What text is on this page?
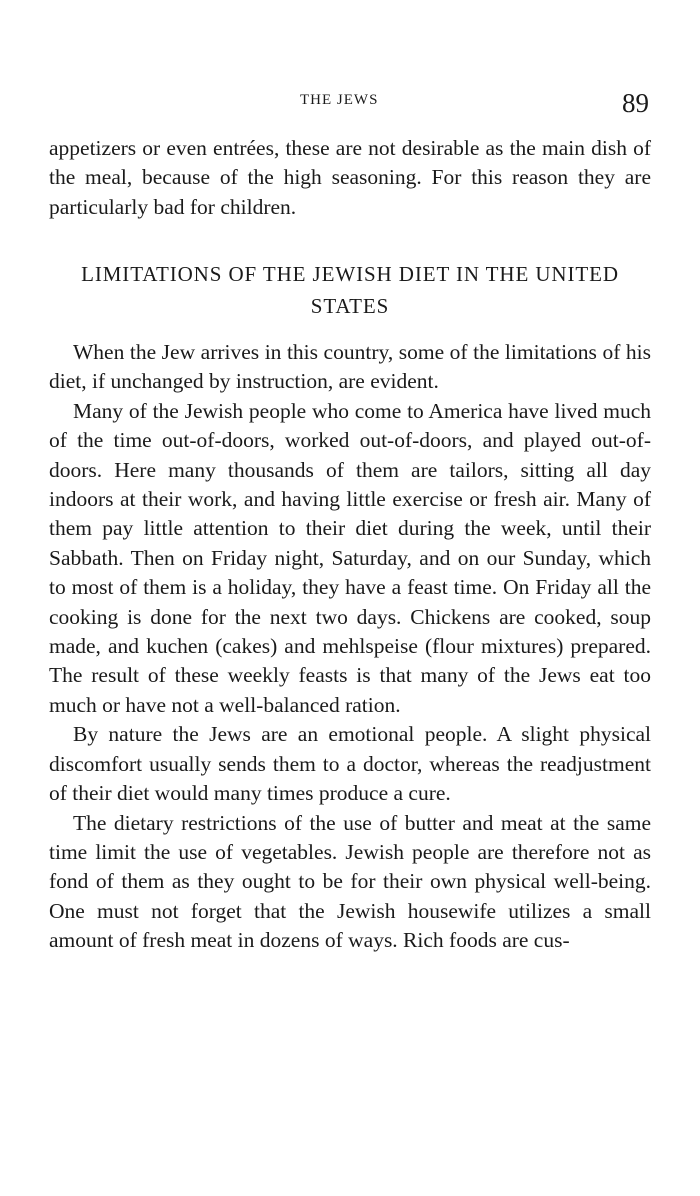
THE JEWS	89

appetizers or even entrées, these are not desirable as the main dish of the meal, because of the high seasoning. For this reason they are particularly bad for children.

LIMITATIONS OF THE JEWISH DIET IN THE UNITED STATES

When the Jew arrives in this country, some of the limitations of his diet, if unchanged by instruction, are evident.

Many of the Jewish people who come to America have lived much of the time out-of-doors, worked out-of-doors, and played out-of-doors. Here many thousands of them are tailors, sitting all day indoors at their work, and having little exercise or fresh air. Many of them pay little attention to their diet during the week, until their Sabbath. Then on Friday night, Saturday, and on our Sunday, which to most of them is a holiday, they have a feast time. On Friday all the cooking is done for the next two days. Chickens are cooked, soup made, and kuchen (cakes) and mehlspeise (flour mixtures) prepared. The result of these weekly feasts is that many of the Jews eat too much or have not a well-balanced ration.

By nature the Jews are an emotional people. A slight physical discomfort usually sends them to a doctor, whereas the readjustment of their diet would many times produce a cure.

The dietary restrictions of the use of butter and meat at the same time limit the use of vegetables. Jewish people are therefore not as fond of them as they ought to be for their own physical well-being. One must not forget that the Jewish housewife utilizes a small amount of fresh meat in dozens of ways. Rich foods are cus-
